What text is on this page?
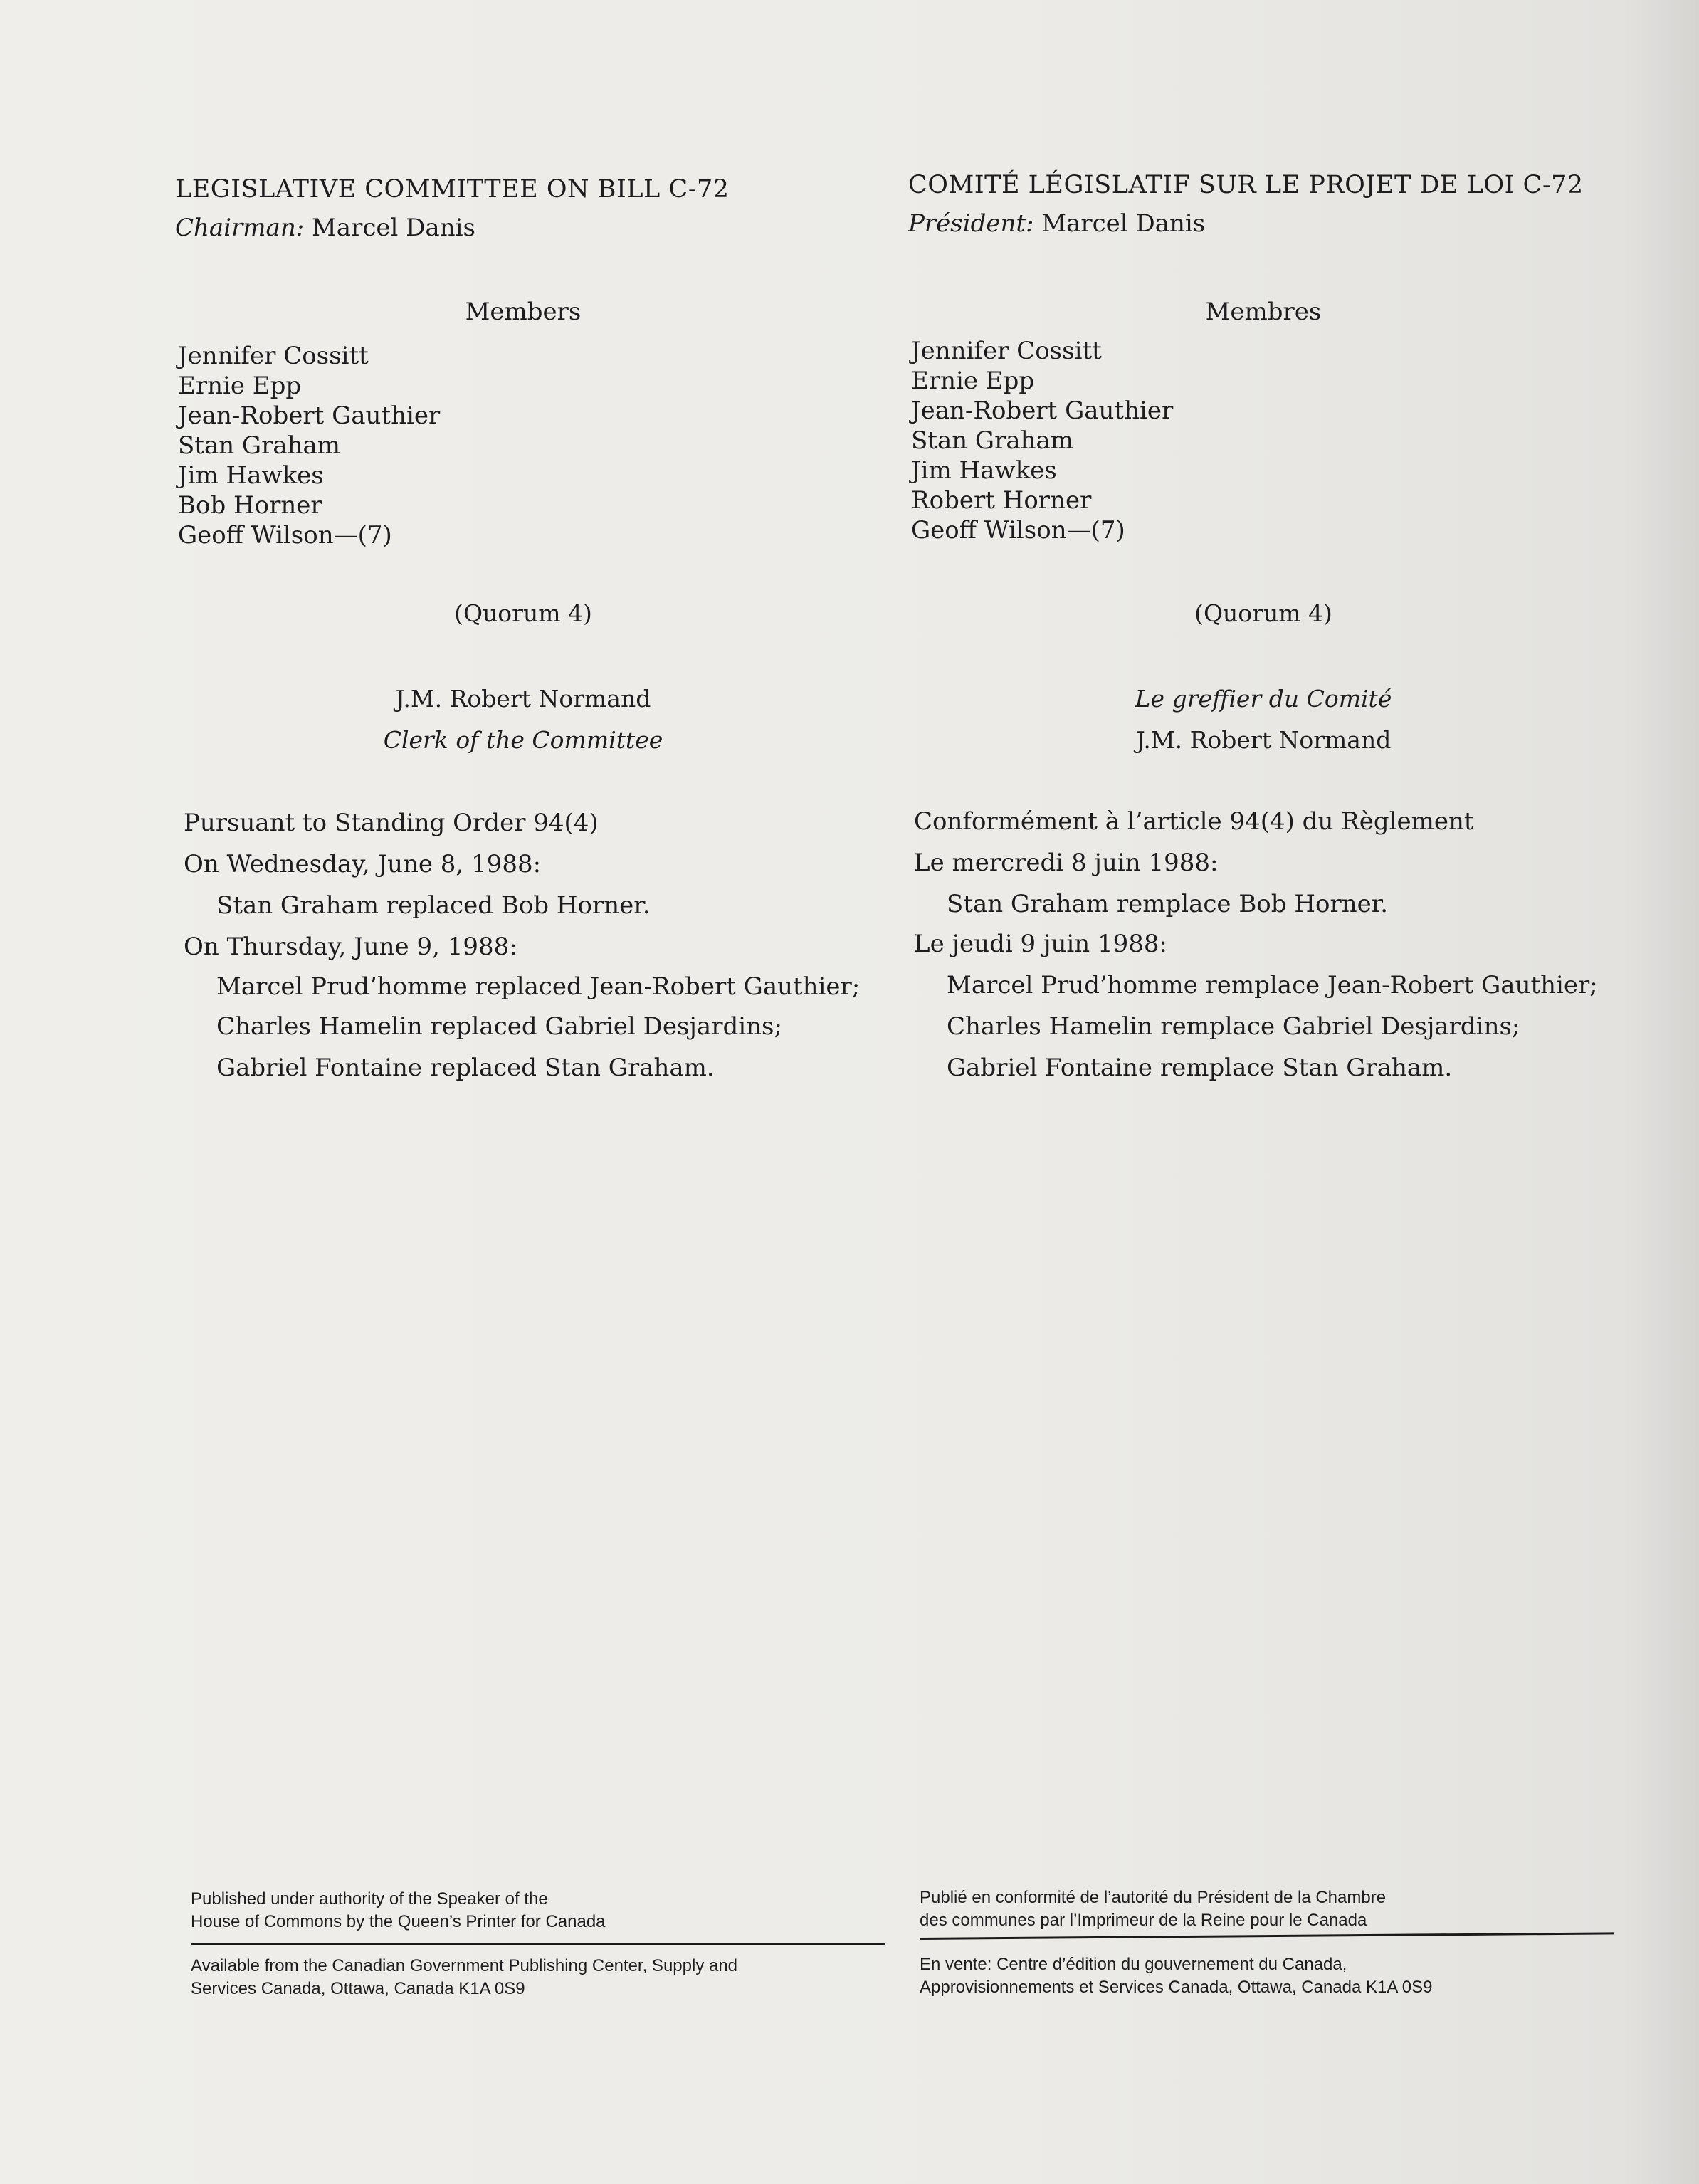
LEGISLATIVE COMMITTEE ON BILL C-72
Chairman: Marcel Danis
Members
Jennifer Cossitt
Ernie Epp
Jean-Robert Gauthier
Stan Graham
Jim Hawkes
Bob Horner
Geoff Wilson—(7)
(Quorum 4)
J.M. Robert Normand
Clerk of the Committee
Pursuant to Standing Order 94(4)
On Wednesday, June 8, 1988:
Stan Graham replaced Bob Horner.
On Thursday, June 9, 1988:
Marcel Prud’homme replaced Jean-Robert Gauthier;
Charles Hamelin replaced Gabriel Desjardins;
Gabriel Fontaine replaced Stan Graham.
Published under authority of the Speaker of the
House of Commons by the Queen’s Printer for Canada
Available from the Canadian Government Publishing Center, Supply and
Services Canada, Ottawa, Canada K1A 0S9
COMITÉ LÉGISLATIF SUR LE PROJET DE LOI C-72
Président: Marcel Danis
Membres
Jennifer Cossitt
Ernie Epp
Jean-Robert Gauthier
Stan Graham
Jim Hawkes
Robert Horner
Geoff Wilson—(7)
(Quorum 4)
Le greffier du Comité
J.M. Robert Normand
Conformément à l’article 94(4) du Règlement
Le mercredi 8 juin 1988:
Stan Graham remplace Bob Horner.
Le jeudi 9 juin 1988:
Marcel Prud’homme remplace Jean-Robert Gauthier;
Charles Hamelin remplace Gabriel Desjardins;
Gabriel Fontaine remplace Stan Graham.
Publié en conformité de l’autorité du Président de la Chambre
des communes par l’Imprimeur de la Reine pour le Canada
En vente: Centre d’édition du gouvernement du Canada,
Approvisionnements et Services Canada, Ottawa, Canada K1A 0S9
